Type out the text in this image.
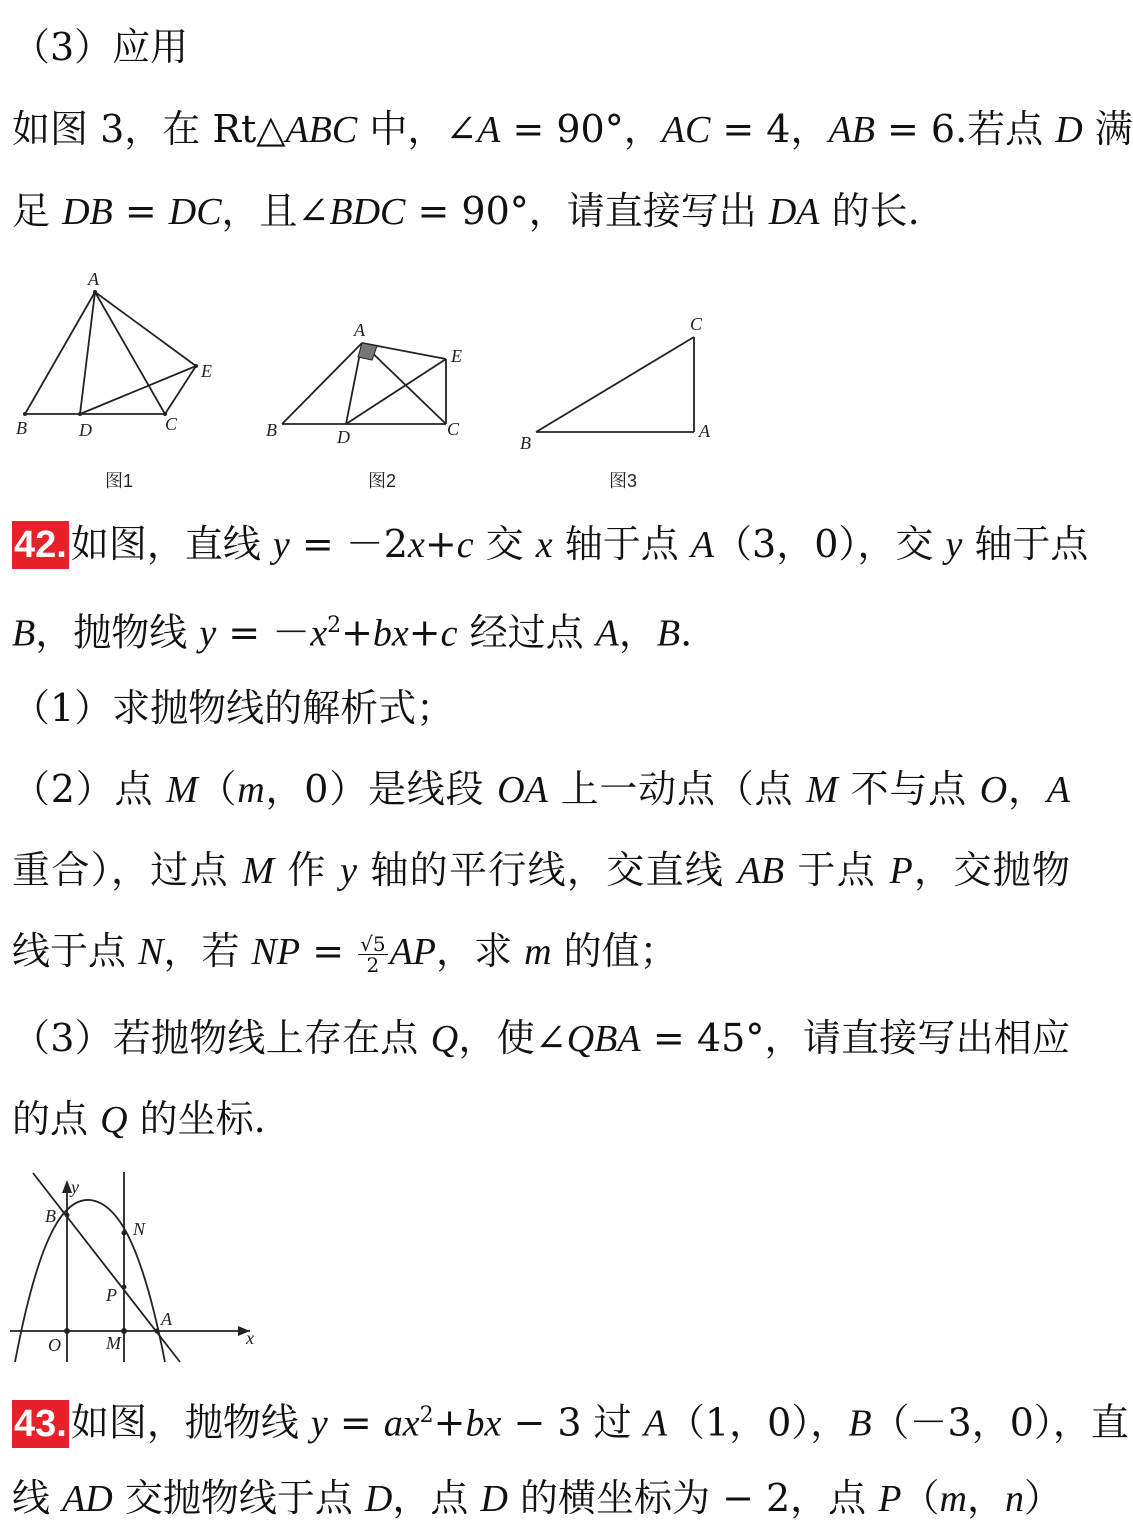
（3）应用
如图 3，在 Rt△ABC 中，∠A = 90°，AC = 4，AB = 6.若点 D 满
足 DB = DC，且∠BDC = 90°，请直接写出 DA 的长.
A
B	D	C
E
图1
A
B	D	C
E
图2
C
B
A
图3
42. 如图，直线 y = －2x+c 交 x 轴于点 A（3，0），交 y 轴于点
B，抛物线 $y = -x^2+bx+c$ 经过点 A，B.
（1）求抛物线的解析式；
（2）点 M（m，0）是线段 OA 上一动点（点 M 不与点 O，A
重合），过点 M 作 y 轴的平行线，交直线 AB 于点 P，交抛物
线于点 N，若 NP = $\frac{√5}{2}$ AP，求 m 的值；
（3）若抛物线上存在点 Q，使∠QBA = 45°，请直接写出相应
的点 Q 的坐标.
y
B
N
P
A
O	M	x
43. 如图，抛物线 $y = ax^2+bx - 3$ 过 A（1，0），B（－3，0），直
线 AD 交抛物线于点 D，点 D 的横坐标为 − 2，点 P（m，n）
